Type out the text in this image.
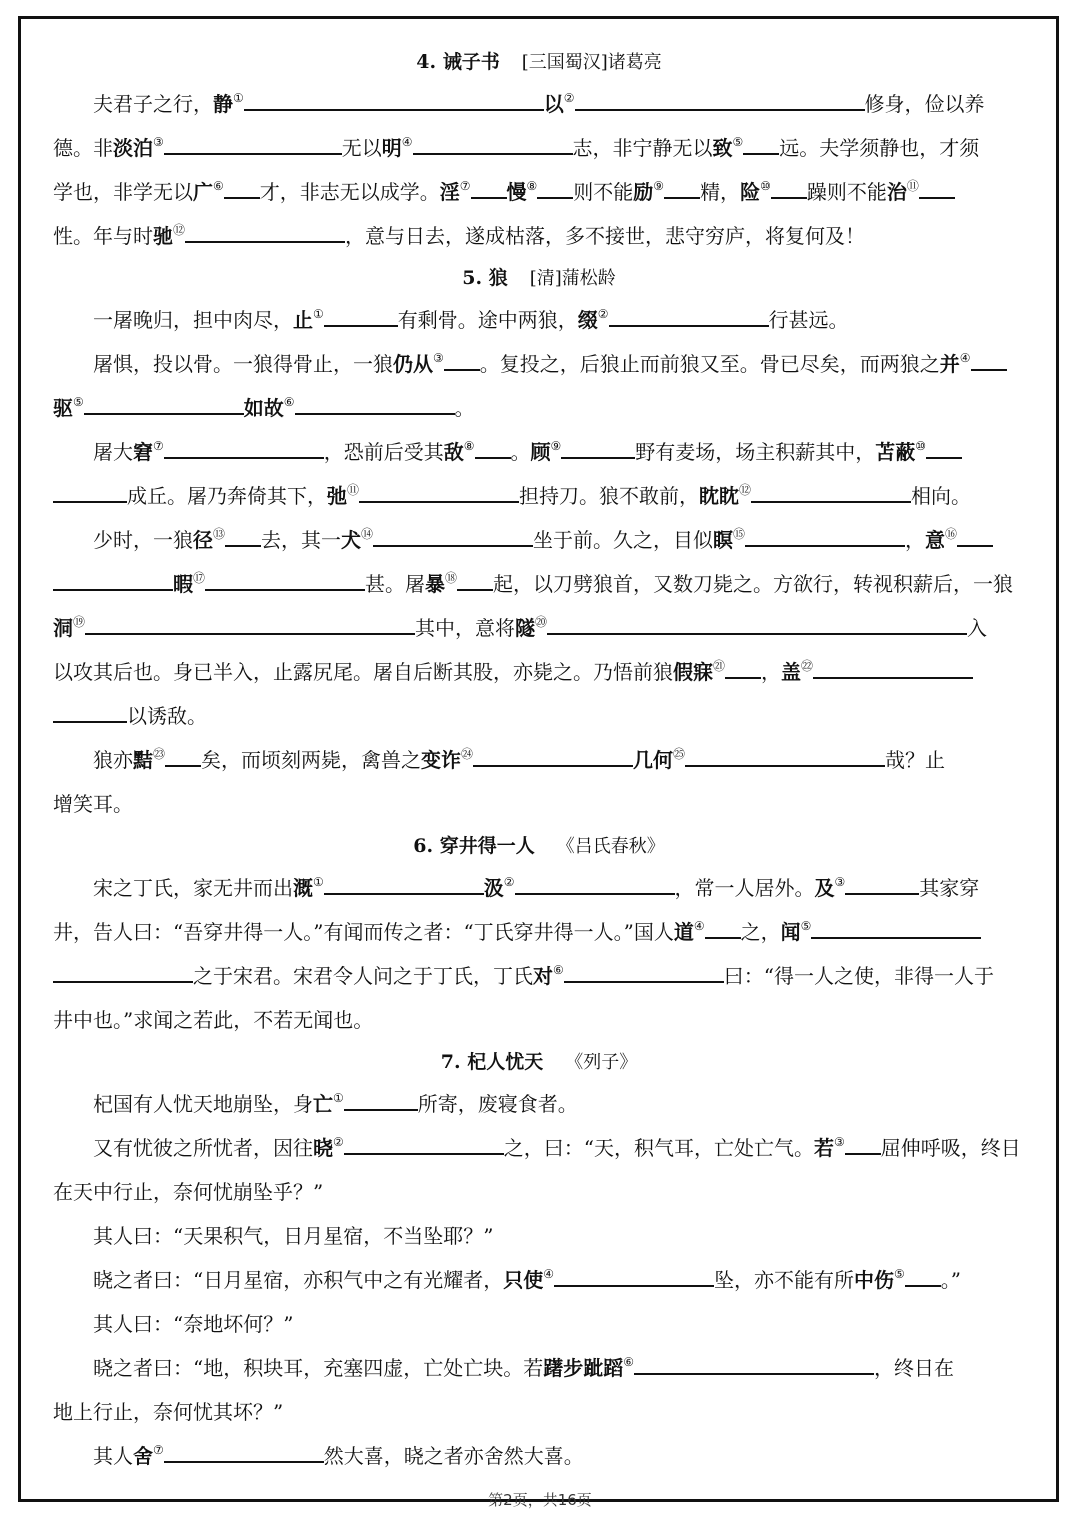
4. 诫子书 [三国蜀汉]诸葛亮
夫君子之行，静①	以②	修身，俭以养
德。非淡泊③	无以明④	志，非宁静无以致⑤ 远。夫学须静也，才须
学也，非学无以广⑥ 才，非志无以成学。淫⑦ 慢⑧ 则不能励⑨ 精，险⑩ 躁则不能治⑪
性。年与时驰⑫	，意与日去，遂成枯落，多不接世，悲守穷庐，将复何及！
5. 狼 [清]蒲松龄
一屠晚归，担中肉尽，止①	有剩骨。途中两狼，缀②	行甚远。
屠惧，投以骨。一狼得骨止，一狼仍从③ 。复投之，后狼止而前狼又至。骨已尽矣，而两狼之并④
驱⑤	如故⑥	。
屠大窘⑦	，恐前后受其敌⑧ 。顾⑨	野有麦场，场主积薪其中，苫蔽⑩
成丘。屠乃奔倚其下，弛⑪	担持刀。狼不敢前，眈眈⑫	相向。
少时，一狼径⑬ 去，其一犬⑭	坐于前。久之，目似瞑⑮	，意⑯
暇⑰	甚。屠暴⑱ 起，以刀劈狼首，又数刀毙之。方欲行，转视积薪后，一狼
洞⑲	其中，意将隧⑳	入
以攻其后也。身已半入，止露尻尾。屠自后断其股，亦毙之。乃悟前狼假寐$^㉑$ ，盖$^㉒$
以诱敌。
狼亦黠$^㉓$ 矣，而顷刻两毙，禽兽之变诈$^㉔$	几何$^㉕$	哉？止
增笑耳。
6. 穿井得一人 《吕氏春秋》
宋之丁氏，家无井而出溉①	汲②	，常一人居外。及③	其家穿
井，告人曰：“吾穿井得一人。”有闻而传之者：“丁氏穿井得一人。”国人道④ 之，闻⑤
之于宋君。宋君令人问之于丁氏，丁氏对⑥	曰：“得一人之使，非得一人于
井中也。”求闻之若此，不若无闻也。
7. 杞人忧天 《列子》
杞国有人忧天地崩坠，身亡①	所寄，废寝食者。
又有忧彼之所忧者，因往晓②	之，曰：“天，积气耳，亡处亡气。若③ 屈伸呼吸，终日
在天中行止，奈何忧崩坠乎？”
其人曰：“天果积气，日月星宿，不当坠耶？”
晓之者曰：“日月星宿，亦积气中之有光耀者，只使④	坠，亦不能有所中伤⑤ 。”
其人曰：“奈地坏何？”
晓之者曰：“地，积块耳，充塞四虚，亡处亡块。若躇步跐蹈⑥	，终日在
地上行止，奈何忧其坏？”
其人舍⑦	然大喜，晓之者亦舍然大喜。
第2页，共16页
